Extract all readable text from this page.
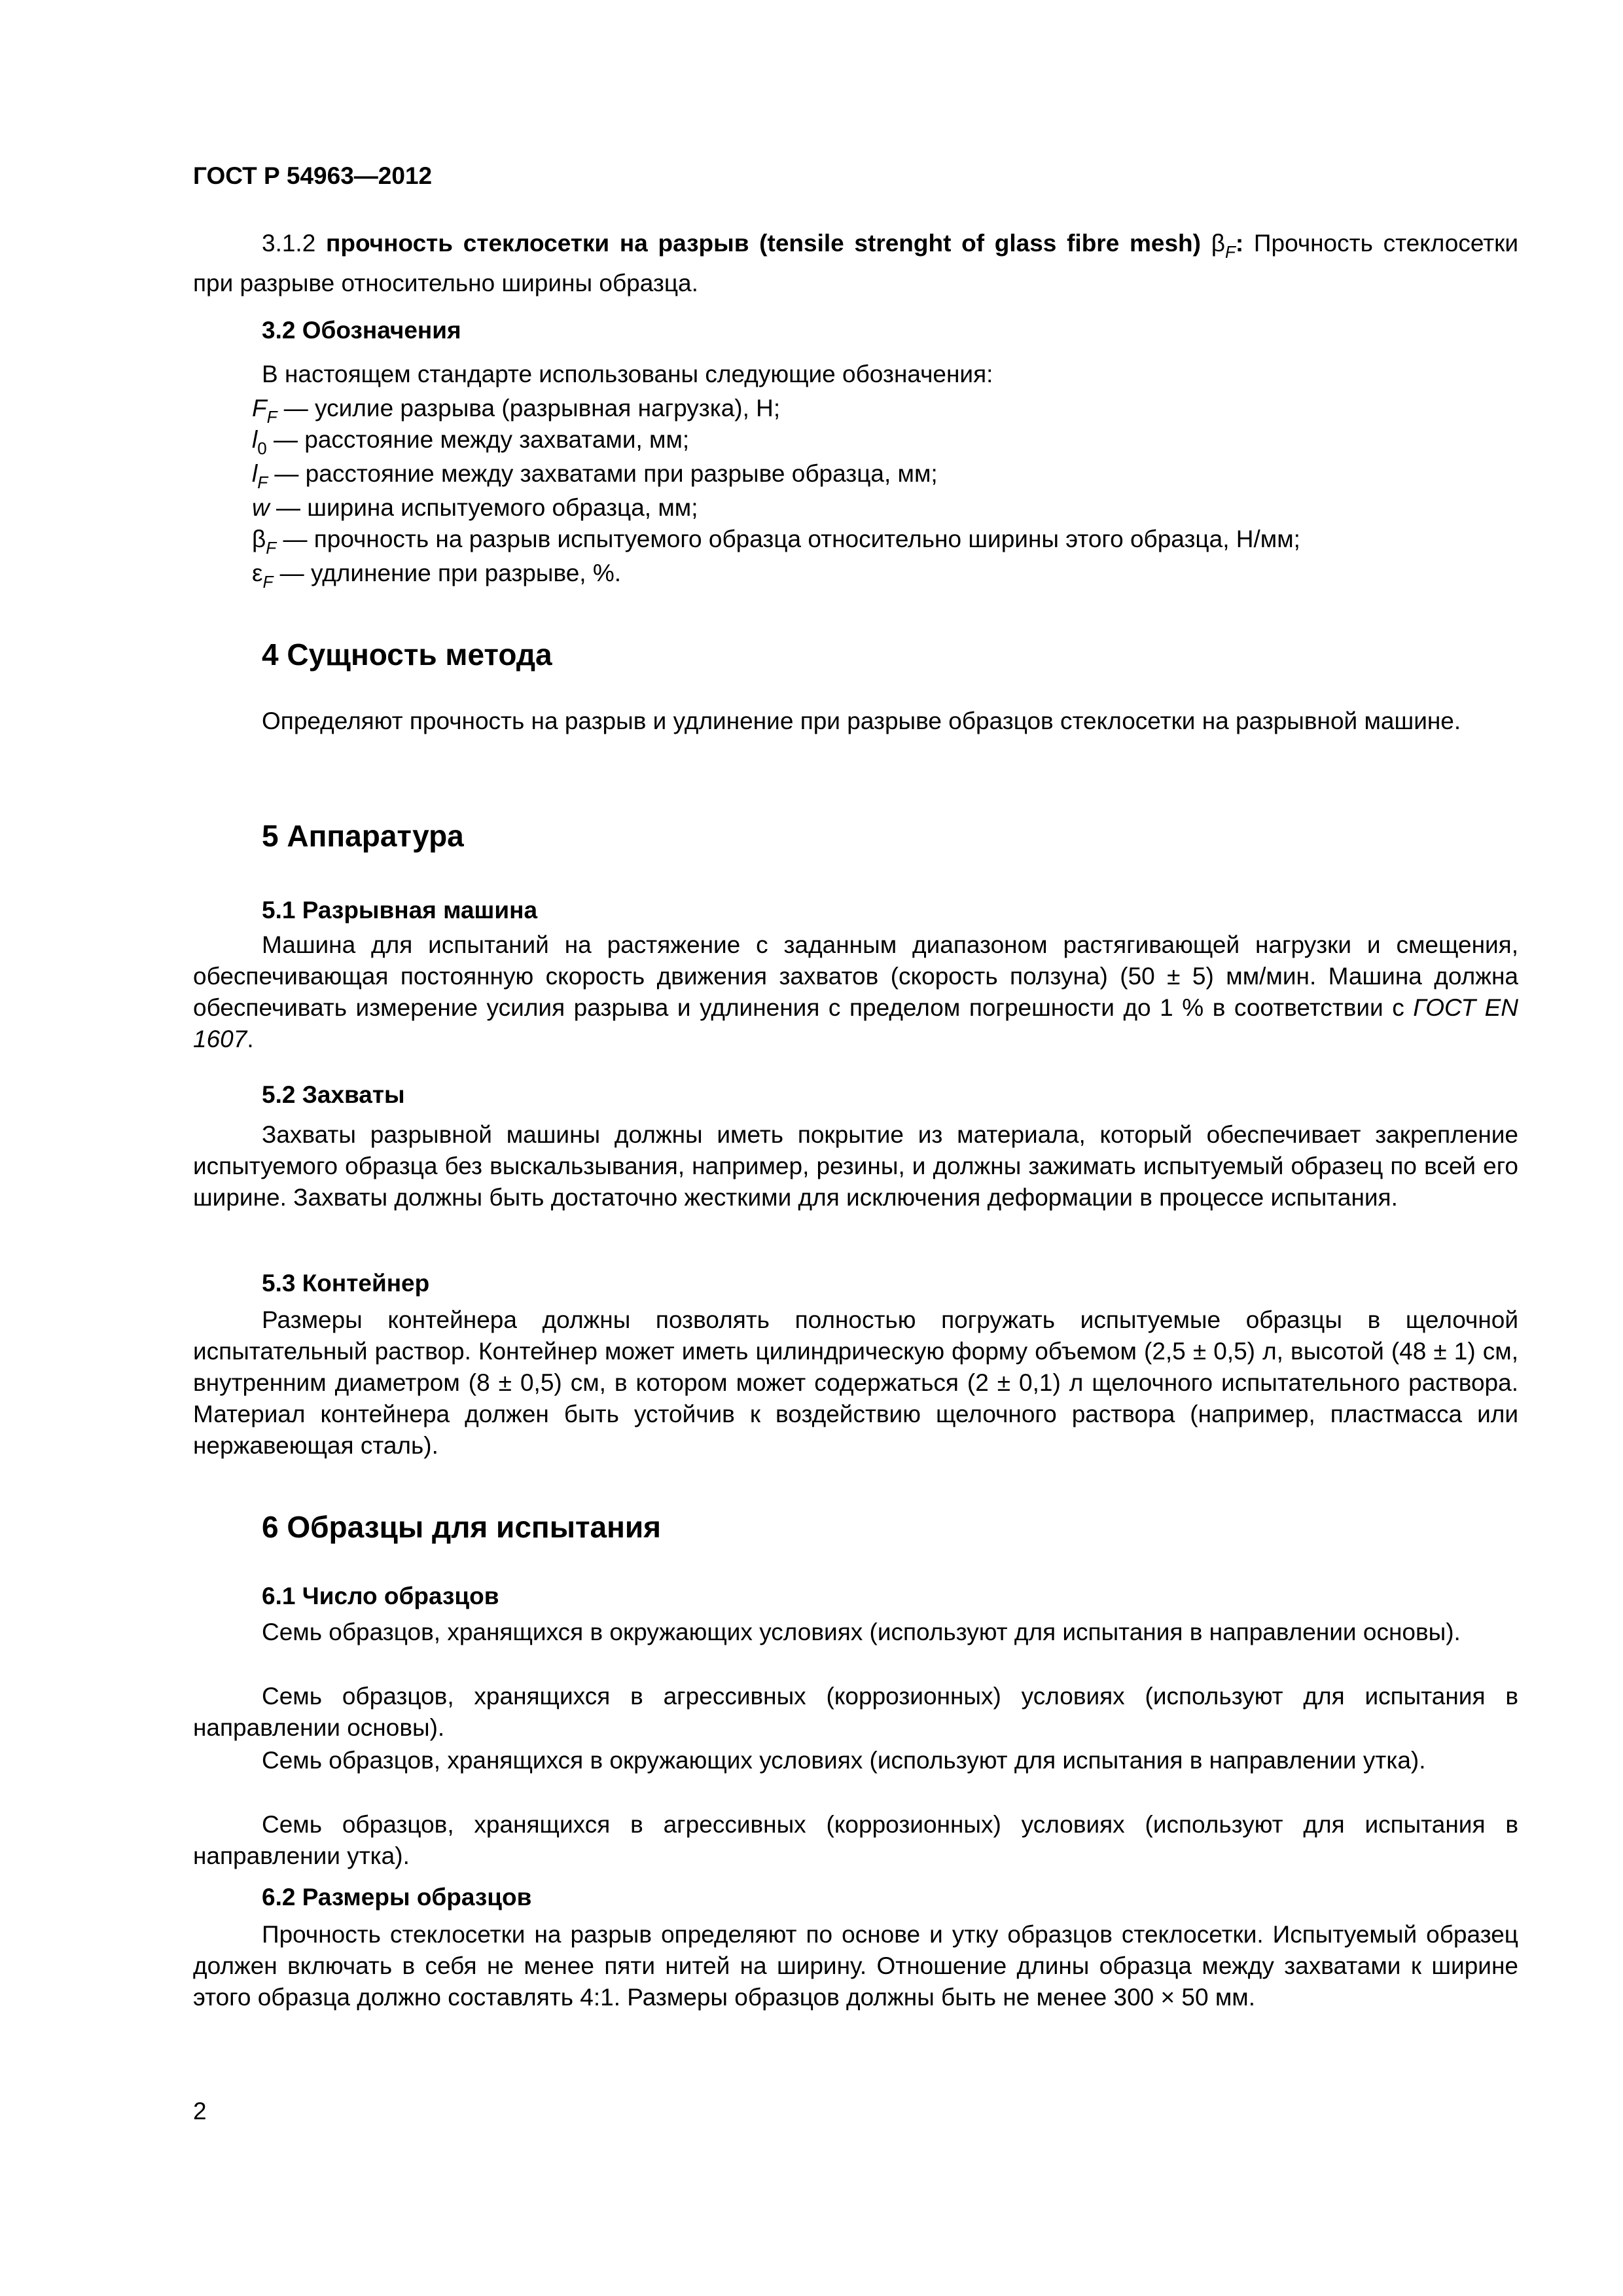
ГОСТ Р 54963—2012
3.1.2 прочность стеклосетки на разрыв (tensile strenght of glass fibre mesh) $\beta_F$: Прочность стеклосетки при разрыве относительно ширины образца.
3.2 Обозначения
В настоящем стандарте использованы следующие обозначения:
$F_F$ — усилие разрыва (разрывная нагрузка), Н;
$l_0$ — расстояние между захватами, мм;
$l_F$ — расстояние между захватами при разрыве образца, мм;
w — ширина испытуемого образца, мм;
$\beta_F$ — прочность на разрыв испытуемого образца относительно ширины этого образца, Н/мм;
$\varepsilon_F$ — удлинение при разрыве, %.
4 Сущность метода
Определяют прочность на разрыв и удлинение при разрыве образцов стеклосетки на разрывной машине.
5 Аппаратура
5.1 Разрывная машина
Машина для испытаний на растяжение с заданным диапазоном растягивающей нагрузки и смещения, обеспечивающая постоянную скорость движения захватов (скорость ползуна) (50 ± 5) мм/мин. Машина должна обеспечивать измерение усилия разрыва и удлинения с пределом погрешности до 1 % в соответствии с ГОСТ EN 1607.
5.2 Захваты
Захваты разрывной машины должны иметь покрытие из материала, который обеспечивает закрепление испытуемого образца без выскальзывания, например, резины, и должны зажимать испытуемый образец по всей его ширине. Захваты должны быть достаточно жесткими для исключения деформации в процессе испытания.
5.3 Контейнер
Размеры контейнера должны позволять полностью погружать испытуемые образцы в щелочной испытательный раствор. Контейнер может иметь цилиндрическую форму объемом (2,5 ± 0,5) л, высотой (48 ± 1) см, внутренним диаметром (8 ± 0,5) см, в котором может содержаться (2 ± 0,1) л щелочного испытательного раствора. Материал контейнера должен быть устойчив к воздействию щелочного раствора (например, пластмасса или нержавеющая сталь).
6 Образцы для испытания
6.1 Число образцов
Семь образцов, хранящихся в окружающих условиях (используют для испытания в направлении основы).
Семь образцов, хранящихся в агрессивных (коррозионных) условиях (используют для испытания в направлении основы).
Семь образцов, хранящихся в окружающих условиях (используют для испытания в направлении утка).
Семь образцов, хранящихся в агрессивных (коррозионных) условиях (используют для испытания в направлении утка).
6.2 Размеры образцов
Прочность стеклосетки на разрыв определяют по основе и утку образцов стеклосетки. Испытуемый образец должен включать в себя не менее пяти нитей на ширину. Отношение длины образца между захватами к ширине этого образца должно составлять 4:1. Размеры образцов должны быть не менее 300 × 50 мм.
2
